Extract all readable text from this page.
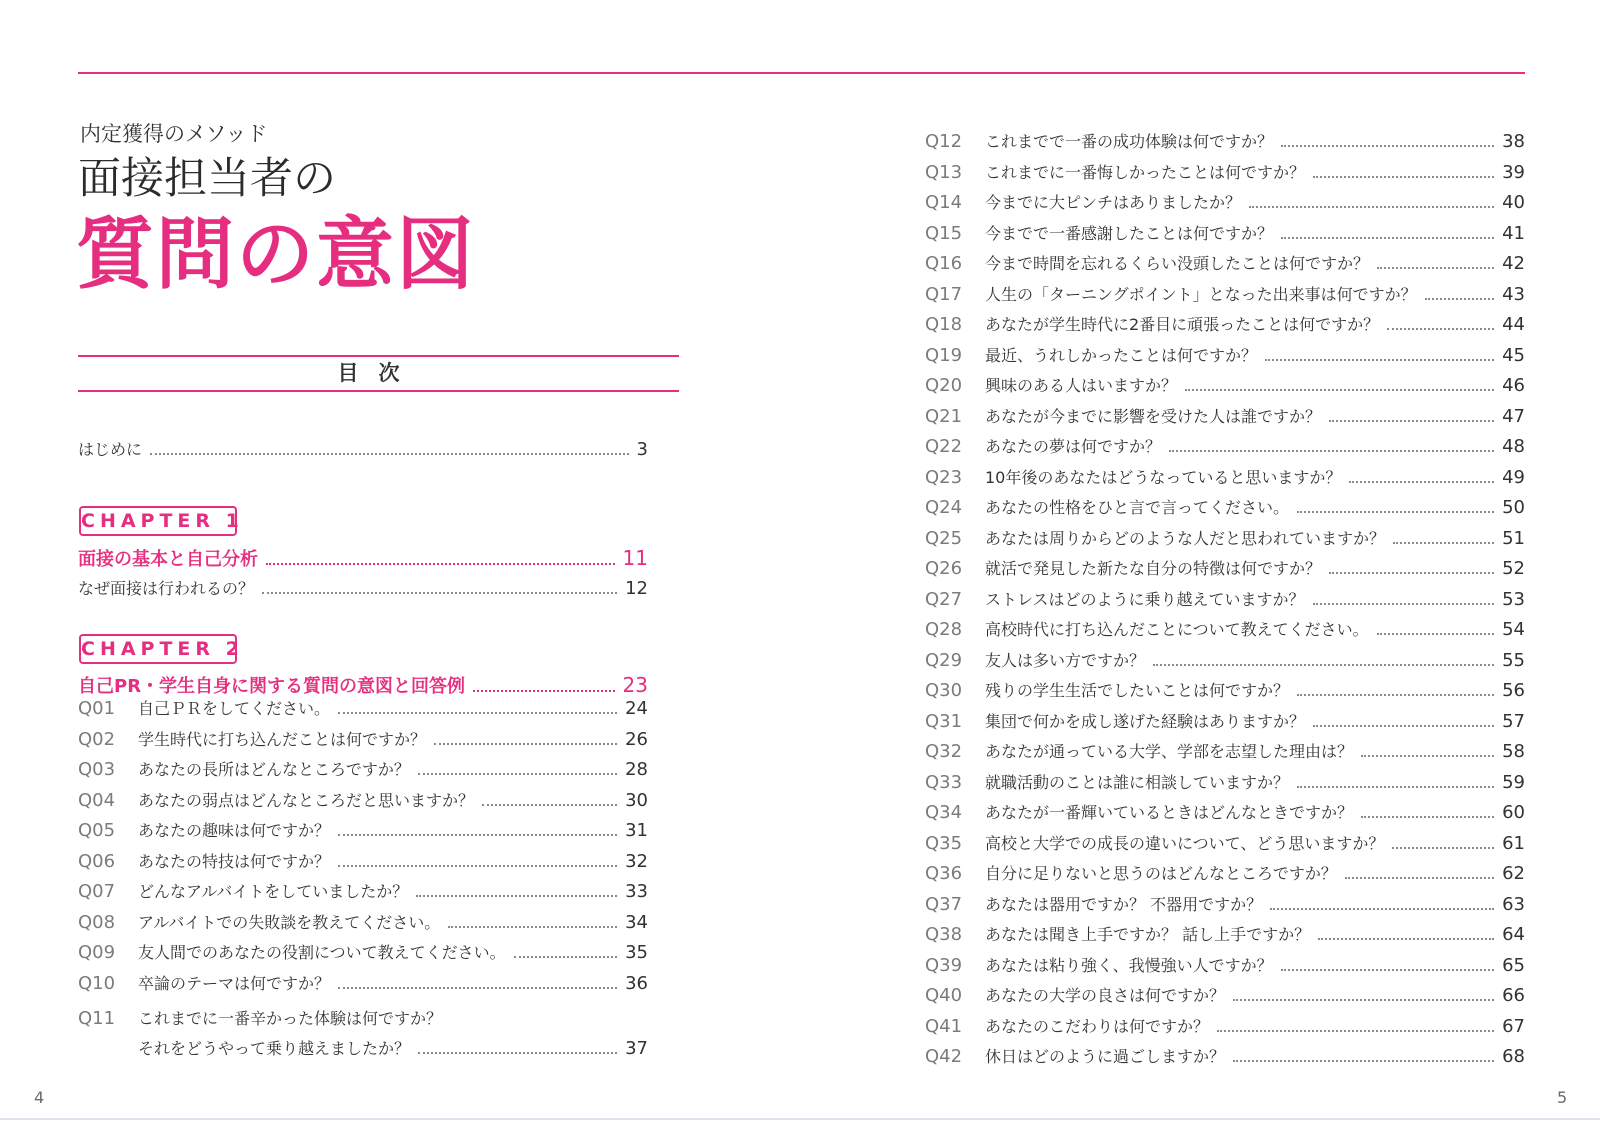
内定獲得のメソッド
面接担当者の
質問の意図
目次
はじめに	3
CHAPTER 1
面接の基本と自己分析	11
なぜ面接は行われるの？	12
CHAPTER 2
自己PR・学生自身に関する質問の意図と回答例	23
Q01	自己ＰＲをしてください。	24
Q02	学生時代に打ち込んだことは何ですか？	26
Q03	あなたの長所はどんなところですか？	28
Q04	あなたの弱点はどんなところだと思いますか？	30
Q05	あなたの趣味は何ですか？	31
Q06	あなたの特技は何ですか？	32
Q07	どんなアルバイトをしていましたか？	33
Q08	アルバイトでの失敗談を教えてください。	34
Q09	友人間でのあなたの役割について教えてください。	35
Q10	卒論のテーマは何ですか？	36
Q11	これまでに一番辛かった体験は何ですか？
それをどうやって乗り越えましたか？	37
Q12	これまでで一番の成功体験は何ですか？	38
Q13	これまでに一番悔しかったことは何ですか？	39
Q14	今までに大ピンチはありましたか？	40
Q15	今までで一番感謝したことは何ですか？	41
Q16	今まで時間を忘れるくらい没頭したことは何ですか？	42
Q17	人生の「ターニングポイント」となった出来事は何ですか？	43
Q18	あなたが学生時代に2番目に頑張ったことは何ですか？	44
Q19	最近、うれしかったことは何ですか？	45
Q20	興味のある人はいますか？	46
Q21	あなたが今までに影響を受けた人は誰ですか？	47
Q22	あなたの夢は何ですか？	48
Q23	10年後のあなたはどうなっていると思いますか？	49
Q24	あなたの性格をひと言で言ってください。	50
Q25	あなたは周りからどのような人だと思われていますか？	51
Q26	就活で発見した新たな自分の特徴は何ですか？	52
Q27	ストレスはどのように乗り越えていますか？	53
Q28	高校時代に打ち込んだことについて教えてください。	54
Q29	友人は多い方ですか？	55
Q30	残りの学生生活でしたいことは何ですか？	56
Q31	集団で何かを成し遂げた経験はありますか？	57
Q32	あなたが通っている大学、学部を志望した理由は？	58
Q33	就職活動のことは誰に相談していますか？	59
Q34	あなたが一番輝いているときはどんなときですか？	60
Q35	高校と大学での成長の違いについて、どう思いますか？	61
Q36	自分に足りないと思うのはどんなところですか？	62
Q37	あなたは器用ですか？ 不器用ですか？	63
Q38	あなたは聞き上手ですか？ 話し上手ですか？	64
Q39	あなたは粘り強く、我慢強い人ですか？	65
Q40	あなたの大学の良さは何ですか？	66
Q41	あなたのこだわりは何ですか？	67
Q42	休日はどのように過ごしますか？	68
4	5
